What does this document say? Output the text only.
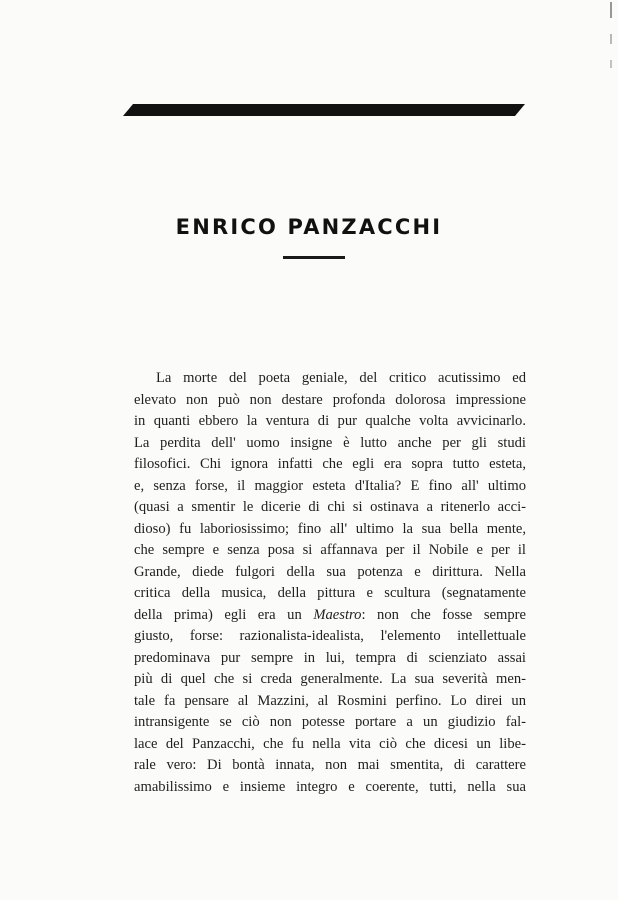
ENRICO PANZACCHI
La morte del poeta geniale, del critico acutissimo ed
elevato non può non destare profonda dolorosa impressione
in quanti ebbero la ventura di pur qualche volta avvicinarlo.
La perdita dell' uomo insigne è lutto anche per gli studi
filosofici. Chi ignora infatti che egli era sopra tutto esteta,
e, senza forse, il maggior esteta d'Italia? E fino all' ultimo
(quasi a smentir le dicerie di chi si ostinava a ritenerlo acci-
dioso) fu laboriosissimo; fino all' ultimo la sua bella mente,
che sempre e senza posa si affannava per il Nobile e per il
Grande, diede fulgori della sua potenza e dirittura. Nella
critica della musica, della pittura e scultura (segnatamente
della prima) egli era un Maestro: non che fosse sempre
giusto, forse: razionalista-idealista, l'elemento intellettuale
predominava pur sempre in lui, tempra di scienziato assai
più di quel che si creda generalmente. La sua severità men-
tale fa pensare al Mazzini, al Rosmini perfino. Lo direi un
intransigente se ciò non potesse portare a un giudizio fal-
lace del Panzacchi, che fu nella vita ciò che dicesi un libe-
rale vero: Di bontà innata, non mai smentita, di carattere
amabilissimo e insieme integro e coerente, tutti, nella sua
